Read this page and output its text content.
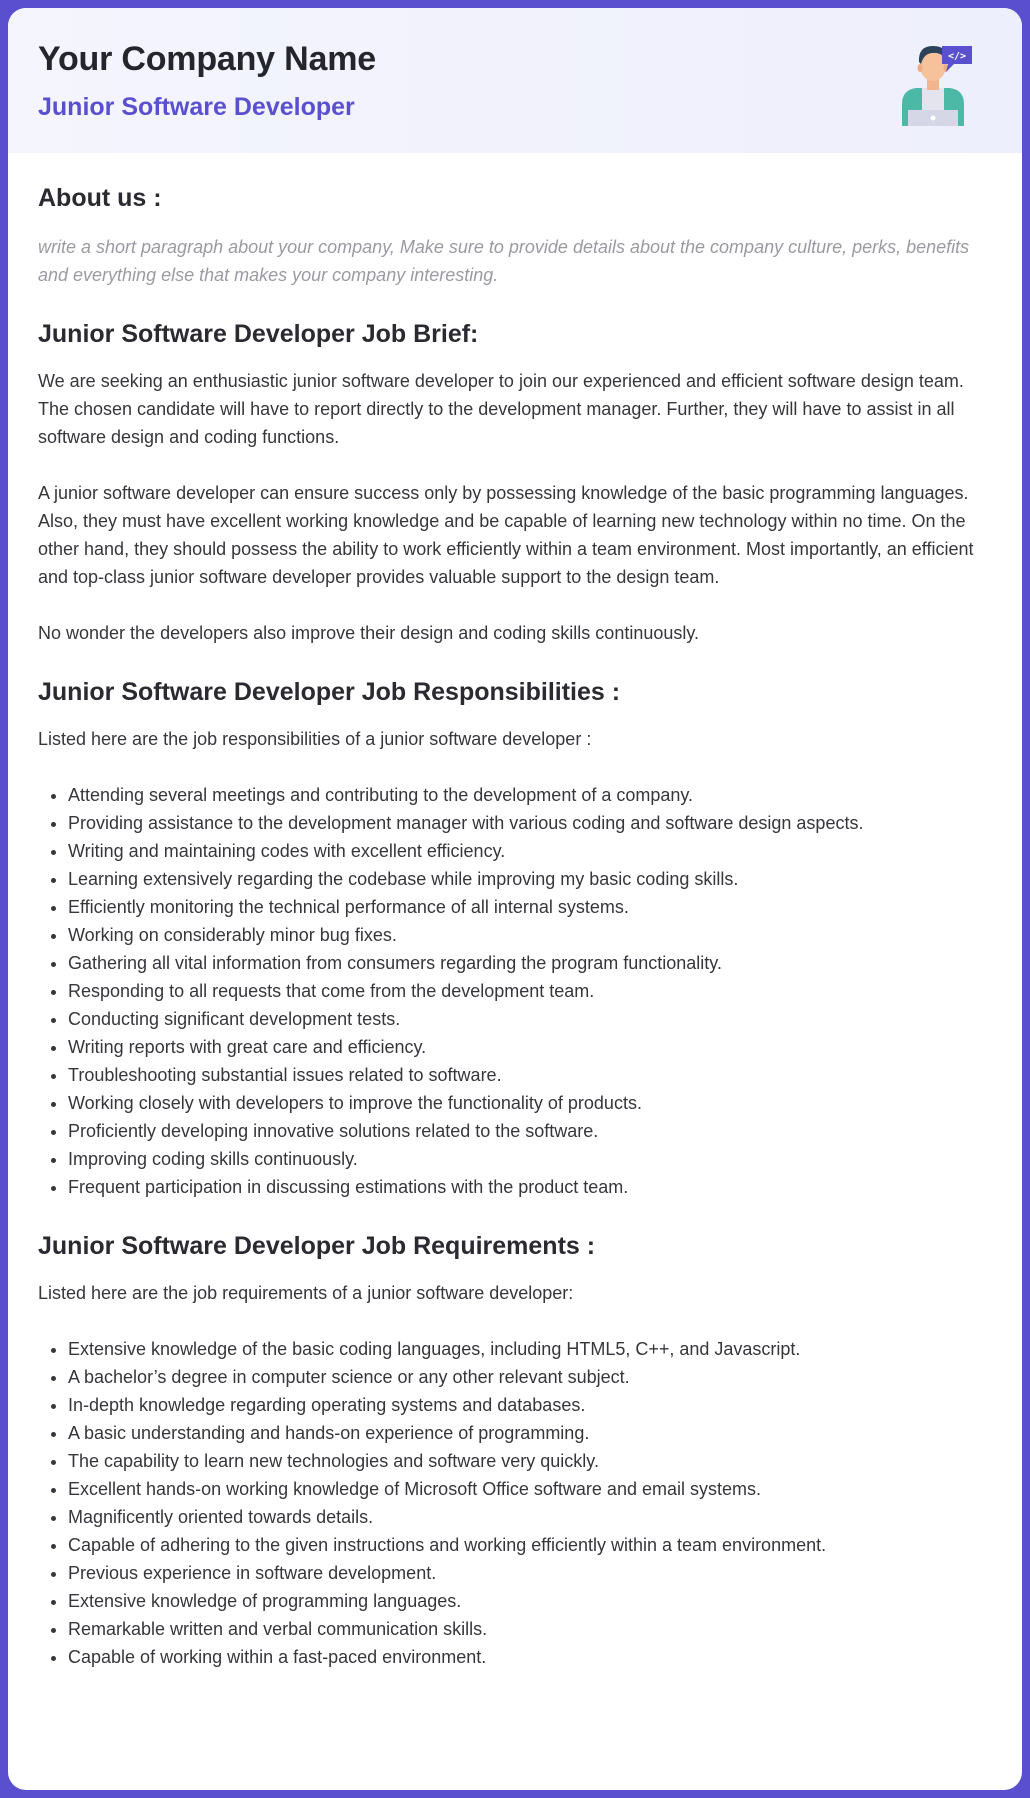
Your Company Name
Junior Software Developer
</>
About us :

write a short paragraph about your company, Make sure to provide details about the company culture, perks, benefits and everything else that makes your company interesting.

Junior Software Developer Job Brief:

We are seeking an enthusiastic junior software developer to join our experienced and efficient software design team. The chosen candidate will have to report directly to the development manager. Further, they will have to assist in all software design and coding functions.

A junior software developer can ensure success only by possessing knowledge of the basic programming languages. Also, they must have excellent working knowledge and be capable of learning new technology within no time. On the other hand, they should possess the ability to work efficiently within a team environment. Most importantly, an efficient and top-class junior software developer provides valuable support to the design team.

No wonder the developers also improve their design and coding skills continuously.

Junior Software Developer Job Responsibilities :

Listed here are the job responsibilities of a junior software developer :

• Attending several meetings and contributing to the development of a company.
• Providing assistance to the development manager with various coding and software design aspects.
• Writing and maintaining codes with excellent efficiency.
• Learning extensively regarding the codebase while improving my basic coding skills.
• Efficiently monitoring the technical performance of all internal systems.
• Working on considerably minor bug fixes.
• Gathering all vital information from consumers regarding the program functionality.
• Responding to all requests that come from the development team.
• Conducting significant development tests.
• Writing reports with great care and efficiency.
• Troubleshooting substantial issues related to software.
• Working closely with developers to improve the functionality of products.
• Proficiently developing innovative solutions related to the software.
• Improving coding skills continuously.
• Frequent participation in discussing estimations with the product team.
Junior Software Developer Job Requirements :

Listed here are the job requirements of a junior software developer:

• Extensive knowledge of the basic coding languages, including HTML5, C++, and Javascript.
• A bachelor’s degree in computer science or any other relevant subject.
• In-depth knowledge regarding operating systems and databases.
• A basic understanding and hands-on experience of programming.
• The capability to learn new technologies and software very quickly.
• Excellent hands-on working knowledge of Microsoft Office software and email systems.
• Magnificently oriented towards details.
• Capable of adhering to the given instructions and working efficiently within a team environment.
• Previous experience in software development.
• Extensive knowledge of programming languages.
• Remarkable written and verbal communication skills.
• Capable of working within a fast-paced environment.
